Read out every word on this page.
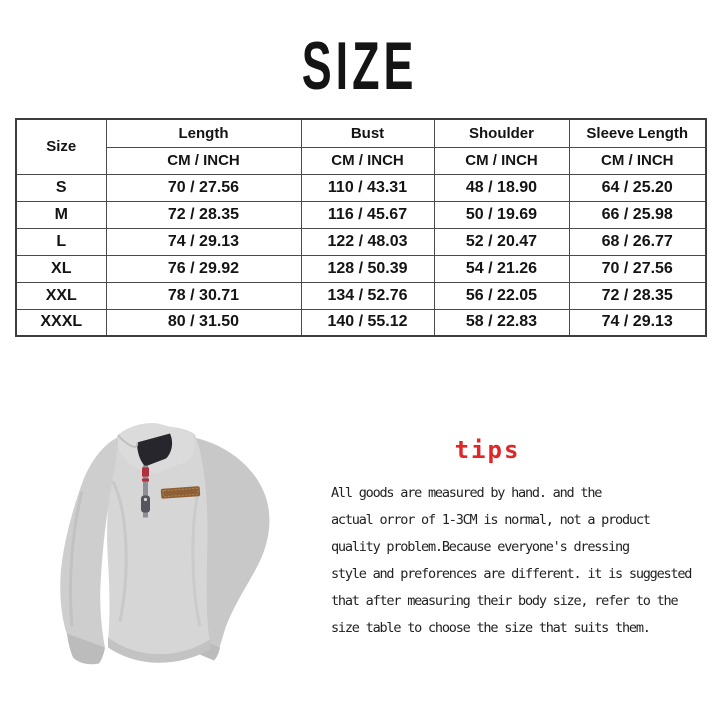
SIZE
Size	Length	Bust	Shoulder	Sleeve Length
	CM / INCH	CM / INCH	CM / INCH	CM / INCH
S	70 / 27.56	110 / 43.31	48 / 18.90	64 / 25.20
M	72 / 28.35	116 / 45.67	50 / 19.69	66 / 25.98
L	74 / 29.13	122 / 48.03	52 / 20.47	68 / 26.77
XL	76 / 29.92	128 / 50.39	54 / 21.26	70 / 27.56
XXL	78 / 30.71	134 / 52.76	56 / 22.05	72 / 28.35
XXXL	80 / 31.50	140 / 55.12	58 / 22.83	74 / 29.13
tips

All goods are measured by hand. and the

actual orror of 1-3CM is normal, not a product

quality problem.Because everyone's dressing

style and preforences are different. it is suggested

that after measuring their body size, refer to the

size table to choose the size that suits them.
